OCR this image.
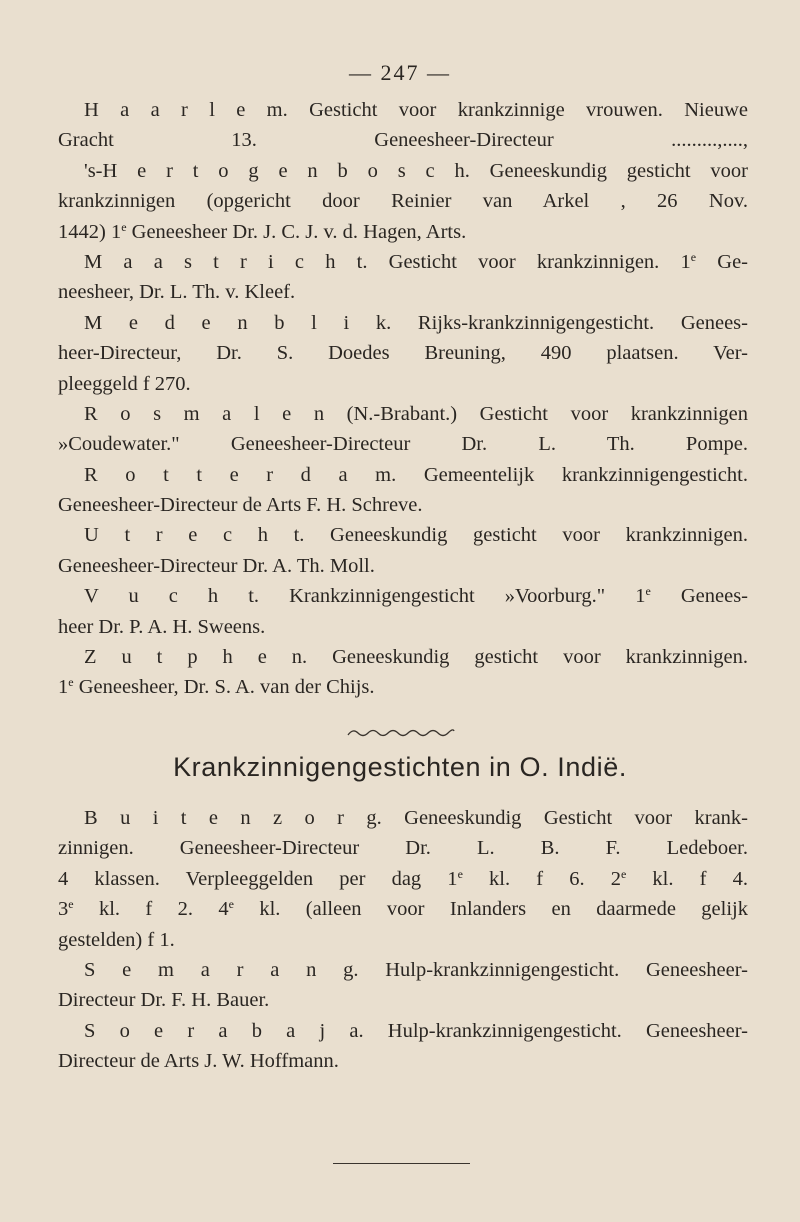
— 247 —
H a a r l e m. Gesticht voor krankzinnige vrouwen. Nieuwe
Gracht 13. Geneesheer-Directeur .........,....,
's-H e r t o g e n b o s c h. Geneeskundig gesticht voor
krankzinnigen (opgericht door Reinier van Arkel , 26 Nov.
1442) 1e Geneesheer Dr. J. C. J. v. d. Hagen, Arts.
M a a s t r i c h t. Gesticht voor krankzinnigen. 1e Ge-
neesheer, Dr. L. Th. v. Kleef.
M e d e n b l i k. Rijks-krankzinnigengesticht. Genees-
heer-Directeur, Dr. S. Doedes Breuning, 490 plaatsen. Ver-
pleeggeld f 270.
R o s m a l e n (N.-Brabant.) Gesticht voor krankzinnigen
»Coudewater." Geneesheer-Directeur Dr. L. Th. Pompe.
R o t t e r d a m. Gemeentelijk krankzinnigengesticht.
Geneesheer-Directeur de Arts F. H. Schreve.
U t r e c h t. Geneeskundig gesticht voor krankzinnigen.
Geneesheer-Directeur Dr. A. Th. Moll.
V u c h t. Krankzinnigengesticht »Voorburg." 1e Genees-
heer Dr. P. A. H. Sweens.
Z u t p h e n. Geneeskundig gesticht voor krankzinnigen.
1e Geneesheer, Dr. S. A. van der Chijs.
Krankzinnigengestichten in O. Indië.
B u i t e n z o r g. Geneeskundig Gesticht voor krank-
zinnigen. Geneesheer-Directeur Dr. L. B. F. Ledeboer.
4 klassen. Verpleeggelden per dag 1e kl. f 6. 2e kl. f 4.
3e kl. f 2. 4e kl. (alleen voor Inlanders en daarmede gelijk
gestelden) f 1.
S e m a r a n g. Hulp-krankzinnigengesticht. Geneesheer-
Directeur Dr. F. H. Bauer.
S o e r a b a j a. Hulp-krankzinnigengesticht. Geneesheer-
Directeur de Arts J. W. Hoffmann.
